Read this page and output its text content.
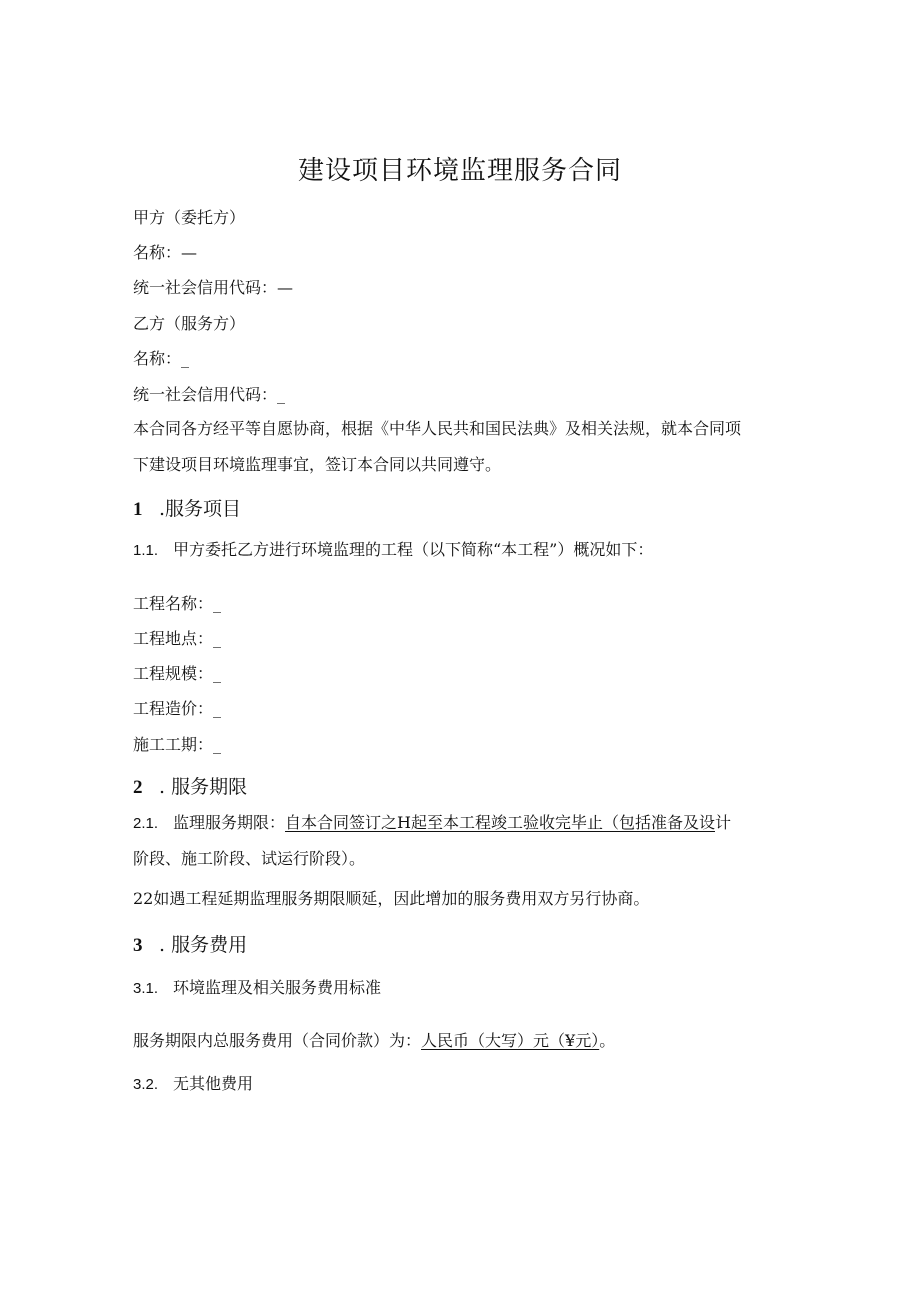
建设项目环境监理服务合同
甲方（委托方）
名称：—
统一社会信用代码：—
乙方（服务方）
名称：_
统一社会信用代码：_
本合同各方经平等自愿协商，根据《中华人民共和国民法典》及相关法规，就本合同项
下建设项目环境监理事宜，签订本合同以共同遵守。
1 .服务项目
1.1. 甲方委托乙方进行环境监理的工程（以下简称“本工程”）概况如下：
工程名称：_
工程地点：_
工程规模：_
工程造价：_
施工工期：_
2 . 服务期限
2.1. 监理服务期限：自本合同签订之H起至本工程竣工验收完毕止（包括准备及设计
阶段、施工阶段、试运行阶段）。
22如遇工程延期监理服务期限顺延，因此增加的服务费用双方另行协商。
3 . 服务费用
3.1. 环境监理及相关服务费用标准
服务期限内总服务费用（合同价款）为：人民币（大写）元（¥元）。
3.2. 无其他费用
